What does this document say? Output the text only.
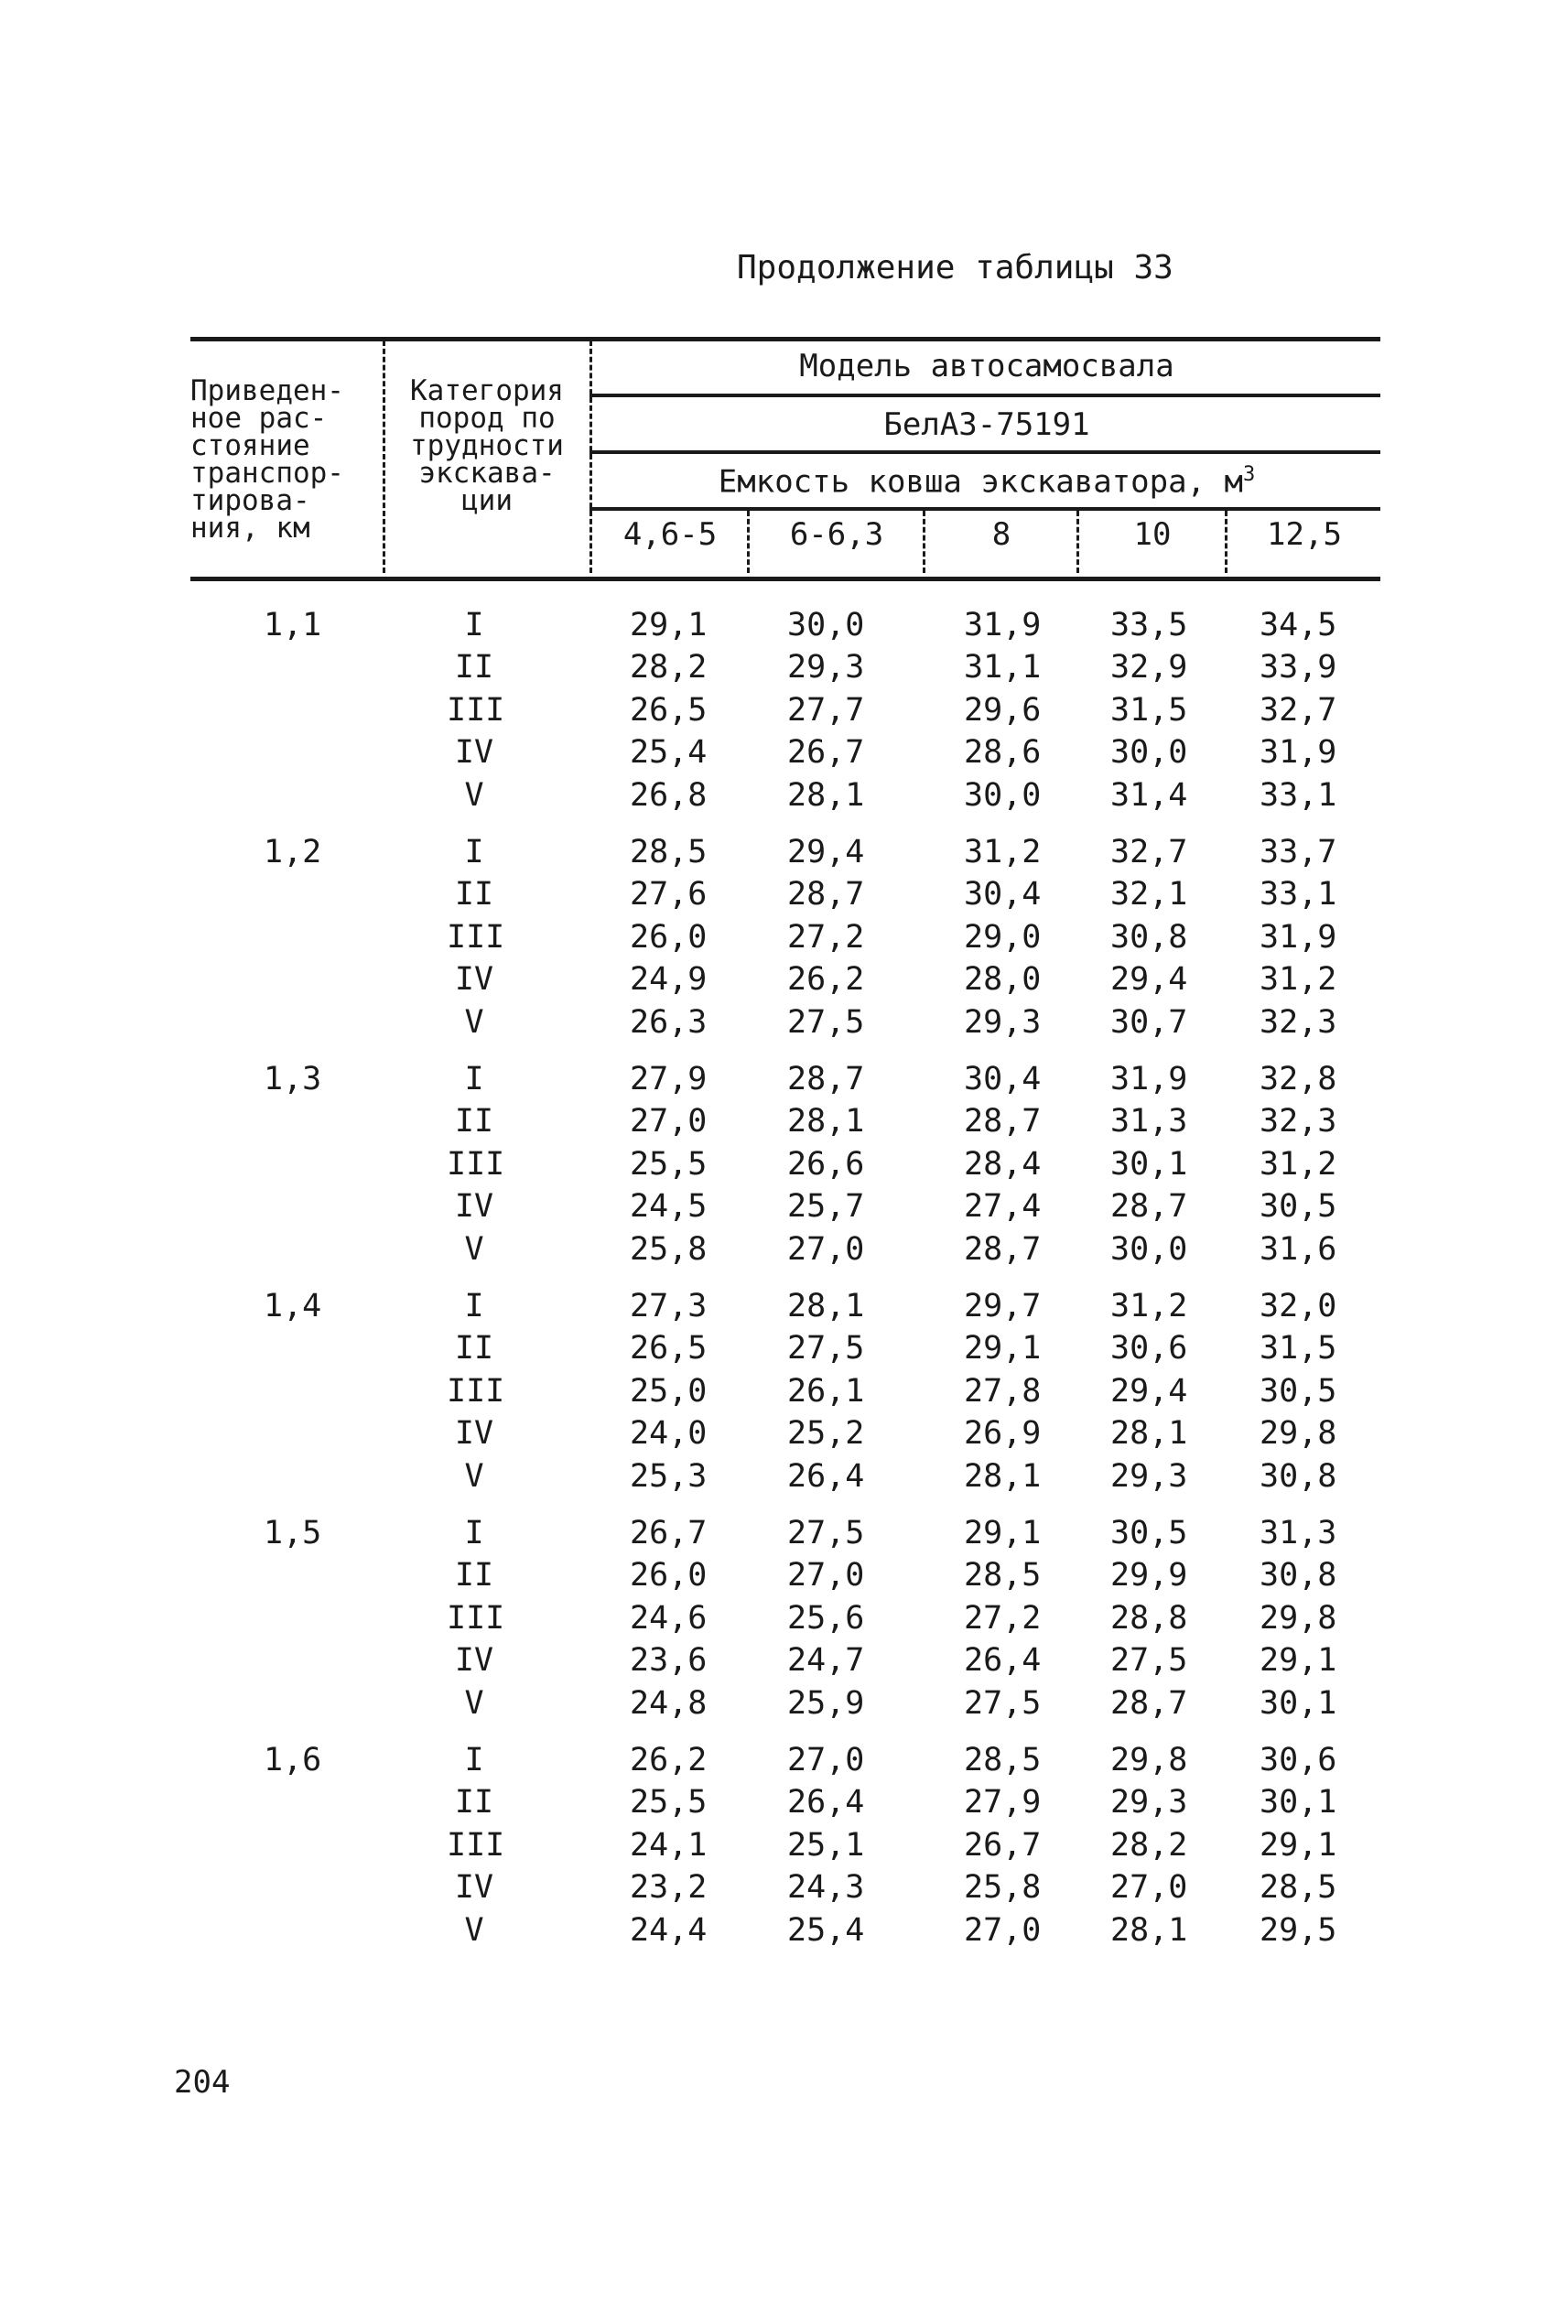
Продолжение таблицы 33
Приведен-
ное рас-
стояние
транспор-
тирова-
ния, км
Категория
пород по
трудности
экскава-
ции
Модель автосамосвала
БелАЗ-75191
Емкость ковша экскаватора, $м^3$
4,6-5	6-6,3	8	10	12,5
1,1	I	29,1	30,0	31,9 33,5 34,5
II	28,2	29,3	31,1 32,9 33,9
III	26,5	27,7	29,6 31,5 32,7
IV	25,4	26,7	28,6 30,0 31,9
V	26,8	28,1	30,0 31,4 33,1
1,2	I	28,5	29,4	31,2 32,7 33,7
II	27,6	28,7	30,4 32,1 33,1
III	26,0	27,2	29,0 30,8 31,9
IV	24,9	26,2	28,0 29,4 31,2
V	26,3	27,5	29,3 30,7 32,3
1,3	I	27,9	28,7	30,4 31,9 32,8
II	27,0	28,1	28,7 31,3 32,3
III	25,5	26,6	28,4 30,1 31,2
IV	24,5	25,7	27,4 28,7 30,5
V	25,8	27,0	28,7 30,0 31,6
1,4	I	27,3	28,1	29,7 31,2 32,0
II	26,5	27,5	29,1 30,6 31,5
III	25,0	26,1	27,8 29,4 30,5
IV	24,0	25,2	26,9 28,1 29,8
V	25,3	26,4	28,1 29,3 30,8
1,5	I	26,7	27,5	29,1 30,5 31,3
II	26,0	27,0	28,5 29,9 30,8
III	24,6	25,6	27,2 28,8 29,8
IV	23,6	24,7	26,4 27,5 29,1
V	24,8	25,9	27,5 28,7 30,1
1,6	I	26,2	27,0	28,5 29,8 30,6
II	25,5	26,4	27,9 29,3 30,1
III	24,1	25,1	26,7 28,2 29,1
IV	23,2	24,3	25,8 27,0 28,5
V	24,4	25,4	27,0 28,1 29,5
204
